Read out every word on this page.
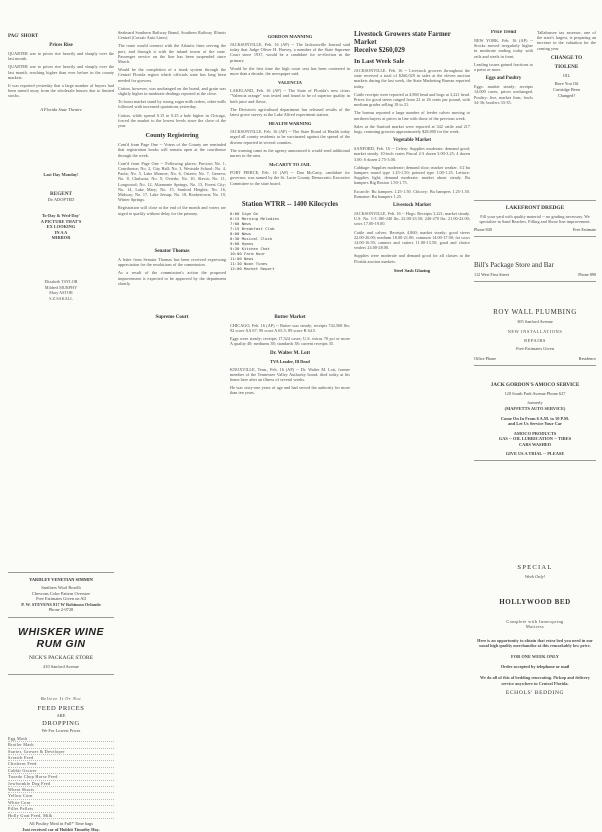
PAG' SHORT
Prices Rise

QUARTER war to prices rise heavily and sharply over the last month.

QUARTER war to prices rise heavily and sharply over the last month, reaching higher than ever before in the county markets.

It was reported yesterday that a large number of buyers had been turned away from the wholesale houses due to limited stocks.

A Florida State Theatre
Last Day Monday!
REGENT
Do ADOPTED
To-Day & Wed-Day'
A PICTURE THAT'S
EX LOOKING
IN A A
MIRROR
Elizabeth TAYLOR
Mildred MURPHY
Mary ASTOR
S.Z.SAKALL

Seaboard Southern Railway Brand, Southern Railway Illinois Central (Corsair Auto Lines)

The route would connect with the Atlantic lines serving the port, and through it with the inland towns of the state. Passenger service on the line has been suspended since March.

Would be the completion of a trunk system through the Central Florida region which officials state has long been needed for growers.

Cotton, however, was unchanged on the board, and grain was slightly higher in moderate dealings reported at the close.

To boost market stand by strong sugar milk orders, other mills followed with increased quotations yesterday.

Cotton, while spread 0.15 to 0.25 a bale higher in Chicago, forced the market to the lowest levels since the close of the year.

County Registering

Cont'd from Page One -- Voters of the County are reminded that registration books will remain open at the courthouse through the week.

Cont'd from Page One -- Following places: Precinct No. 1, Courthouse; No. 2, City Hall; No. 3, Westside School; No. 4, Paola; No. 5, Lake Monroe; No. 6, Osteen; No. 7, Geneva; No. 8, Chuluota; No. 9, Oviedo; No. 10, Slavia; No. 11, Longwood; No. 12, Altamonte Springs; No. 13, Forest City; No. 14, Lake Mary; No. 15, Sanford Heights; No. 16, Midway; No. 17, Lake Jessup; No. 18, Bookertown; No. 19, Winter Springs.

Registration will close at the end of the month and voters are urged to qualify without delay for the primary.

Senator Thomas

A letter from Senator Thomas has been received expressing appreciation for the resolutions of the commission.

As a result of the commission's action the proposed improvement is expected to be approved by the department shortly.

Supreme Court
GORDON MANNING

JACKSONVILLE, Feb. 16 (AP) -- The Jacksonville Journal said today that Judge Oliver H. Harvey, a member of the State Supreme Court since 1937, would be a candidate for re-election in the primary.

Would be the first time the high court seat has been contested in more than a decade, the newspaper said.

VALENCIA

LAKELAND, Feb. 16 (AP) -- The State of Florida's new citrus "Valencia orange" was tested and found to be of superior quality in both juice and flavor.

The Division's agricultural department has released results of the latest grove survey at the Lake Alfred experiment station.

HEALTH WARNING

JACKSONVILLE, Feb. 16 (AP) -- The State Board of Health today urged all county residents to be vaccinated against the spread of the disease reported in several counties.

The warning came as the agency announced it would send additional nurses to the area.

McCARTY TO JAIL

FORT PIERCE, Feb. 16 (AP) -- Dan McCarty, candidate for governor, was named by the St. Lucie County Democratic Executive Committee to the state board.

Station WTRR -- 1400 Kilocycles
6:00 Sign On
6:15 Morning Melodies
7:00 News
7:15 Breakfast Club
8:00 News
8:30 Musical Clock
9:00 Hymns
9:30 Kitchen Chat
10:00 Farm Hour
11:00 News
11:30 Noon Tunes
12:00 Market Report
Butter Market

CHICAGO, Feb. 16 (AP) -- Butter was steady; receipts 742,568 lbs; 92 score AA 67; 90 score A 65.5; 89 score B 64.5.

Eggs were steady; receipts 17,324 cases; U.S. extras 70 pct or more A quality 40; mediums 38; standards 38; current receipts 35.

Dr. Walter M. Lott
TVA Leader, Ill Dead

KNOXVILLE, Tenn., Feb. 16 (AP) -- Dr. Walter M. Lott, former member of the Tennessee Valley Authority board, died today at his home here after an illness of several weeks.

He was sixty-one years of age and had served the authority for more than ten years.

Livestock Growers state Farmer Market
Receive $260,029
In Last Week Sale

JACKSONVILLE, Feb. 16 -- Livestock growers throughout the state received a total of $260,029 in sales at the eleven auction markets during the last week, the State Marketing Bureau reported today.

Cattle receipts were reported at 4,860 head and hogs at 3,221 head. Prices for good steers ranged from 22 to 26 cents per pound, with medium grades selling 18 to 21.

The bureau reported a large number of feeder calves moving to northern buyers at prices in line with those of the previous week.

Sales at the Sanford market were reported at 342 cattle and 217 hogs, returning growers approximately $28,000 for the week.

Vegetable Market

SANFORD, Feb. 16 -- Celery: Supplies moderate; demand good; market steady. 10-inch crates Pascal 2-3 dozen 3.00-3.25; 4 dozen 3.00; 6 dozen 2.75-3.00.

Cabbage: Supplies moderate; demand slow; market weaker. 1/2 bu hampers round type 1.25-1.50; pointed type 1.00-1.25. Lettuce: Supplies light; demand moderate; market about steady. Bu hampers Big Boston 1.50-1.75.

Escarole: Bu hampers 1.25-1.50. Chicory: Bu hampers 1.25-1.50. Romaine: Bu hampers 1.25.

Livestock Market

JACKSONVILLE, Feb. 16 -- Hogs: Receipts 3,221; market steady. U.S. No. 1-3 180-240 lbs. 22.00-23.50; 240-270 lbs. 21.00-22.00; sows 17.00-19.00.

Cattle and calves: Receipts 4,860; market steady; good steers 22.00-26.00; medium 18.00-21.00; common 14.00-17.00; fat cows 14.00-16.50; canners and cutters 11.00-13.50; good and choice vealers 24.00-28.00.

Supplies were moderate and demand good for all classes at the Florida auction markets.

Steel Sash Glazing
Price Trend

NEW YORK, Feb. 16 (AP) -- Stocks moved irregularly higher in moderate trading today with rails and steels in front.

Leading issues gained fractions to a point or more.

Eggs and Poultry

Eggs: market steady; receipts 14,000 cases; prices unchanged. Poultry: live, market firm; fowls 34-36; broilers 33-35.

Tallahassee tax assessor, one of the state's largest, is preparing an increase in the valuation for the coming year.

CHANGE TO
TIOLENE
OIL
Have You Oil
Cartridge Been
Changed?
LAKEFRONT DREDGE

Fill your yard with quality material -- no grading necessary. We specialize in Sand Beaches, Filling and Shore line improvement.

Phone 840	Free Estimate
Bill's Package Store and Bar
112 West First Street	Phone 890
ROY WALL PLUMBING
305 Sanford Avenue
NEW INSTALLATIONS
REPAIRS
Free Estimates Given
Office Phone	Residence
JACK GORDON'S AMOCO SERVICE
120 South Park Avenue Phone 627
formerly
(MAFFETTS AUTO SERVICE)
Come On In From 6 A.M. to 10 P.M.
and Let Us Service Your Car
AMOCO PRODUCTS
GAS -- OIL LUBRICATION -- TIRES
CARS WASHED
GIVE US A TRIAL -- PLEASE
YARDLEY VENETIAN SIMMIN
Smithers Wool Roselli
Chevrons Color Pattern Oversize
Free Estimates Given on All
P. W. STEVENS 817 W Robinson Orlando
Phone 2-0728
WHISKER WINE
RUM GIN
NICK'S PACKAGE STORE
410 Sanford Avenue
Believe It Or Not
FEED PRICES
ARE
DROPPING
We For Lowest Prices
Egg Mash
Broiler Mash
Starter, Grower & Developer
Scratch Feed
Chickens Feed
Cabbit Grower
Tuxedo Chop Horse Feed
Jowlwinkle Dog Feed
Wheat Shorts
Yellow Corn
White Corn
Pillet Pellets
Holly Goat Feed, Milk
All Poultry Meal in Full* Time bags
Just received car of Hubbit Timothy Hay.
SPECIAL
Week Only!
HOLLYWOOD BED
Complete with Innerspring
Mattress

Here is an opportunity to obtain that extra bed you need in our usual high quality merchandise at this remarkably low price.

FOR ONE WEEK ONLY
Order accepted by telephone or mail

We do all of this of bedding renovating. Pickup and delivery service anywhere in Central Florida.

ECHOLS' BEDDING
